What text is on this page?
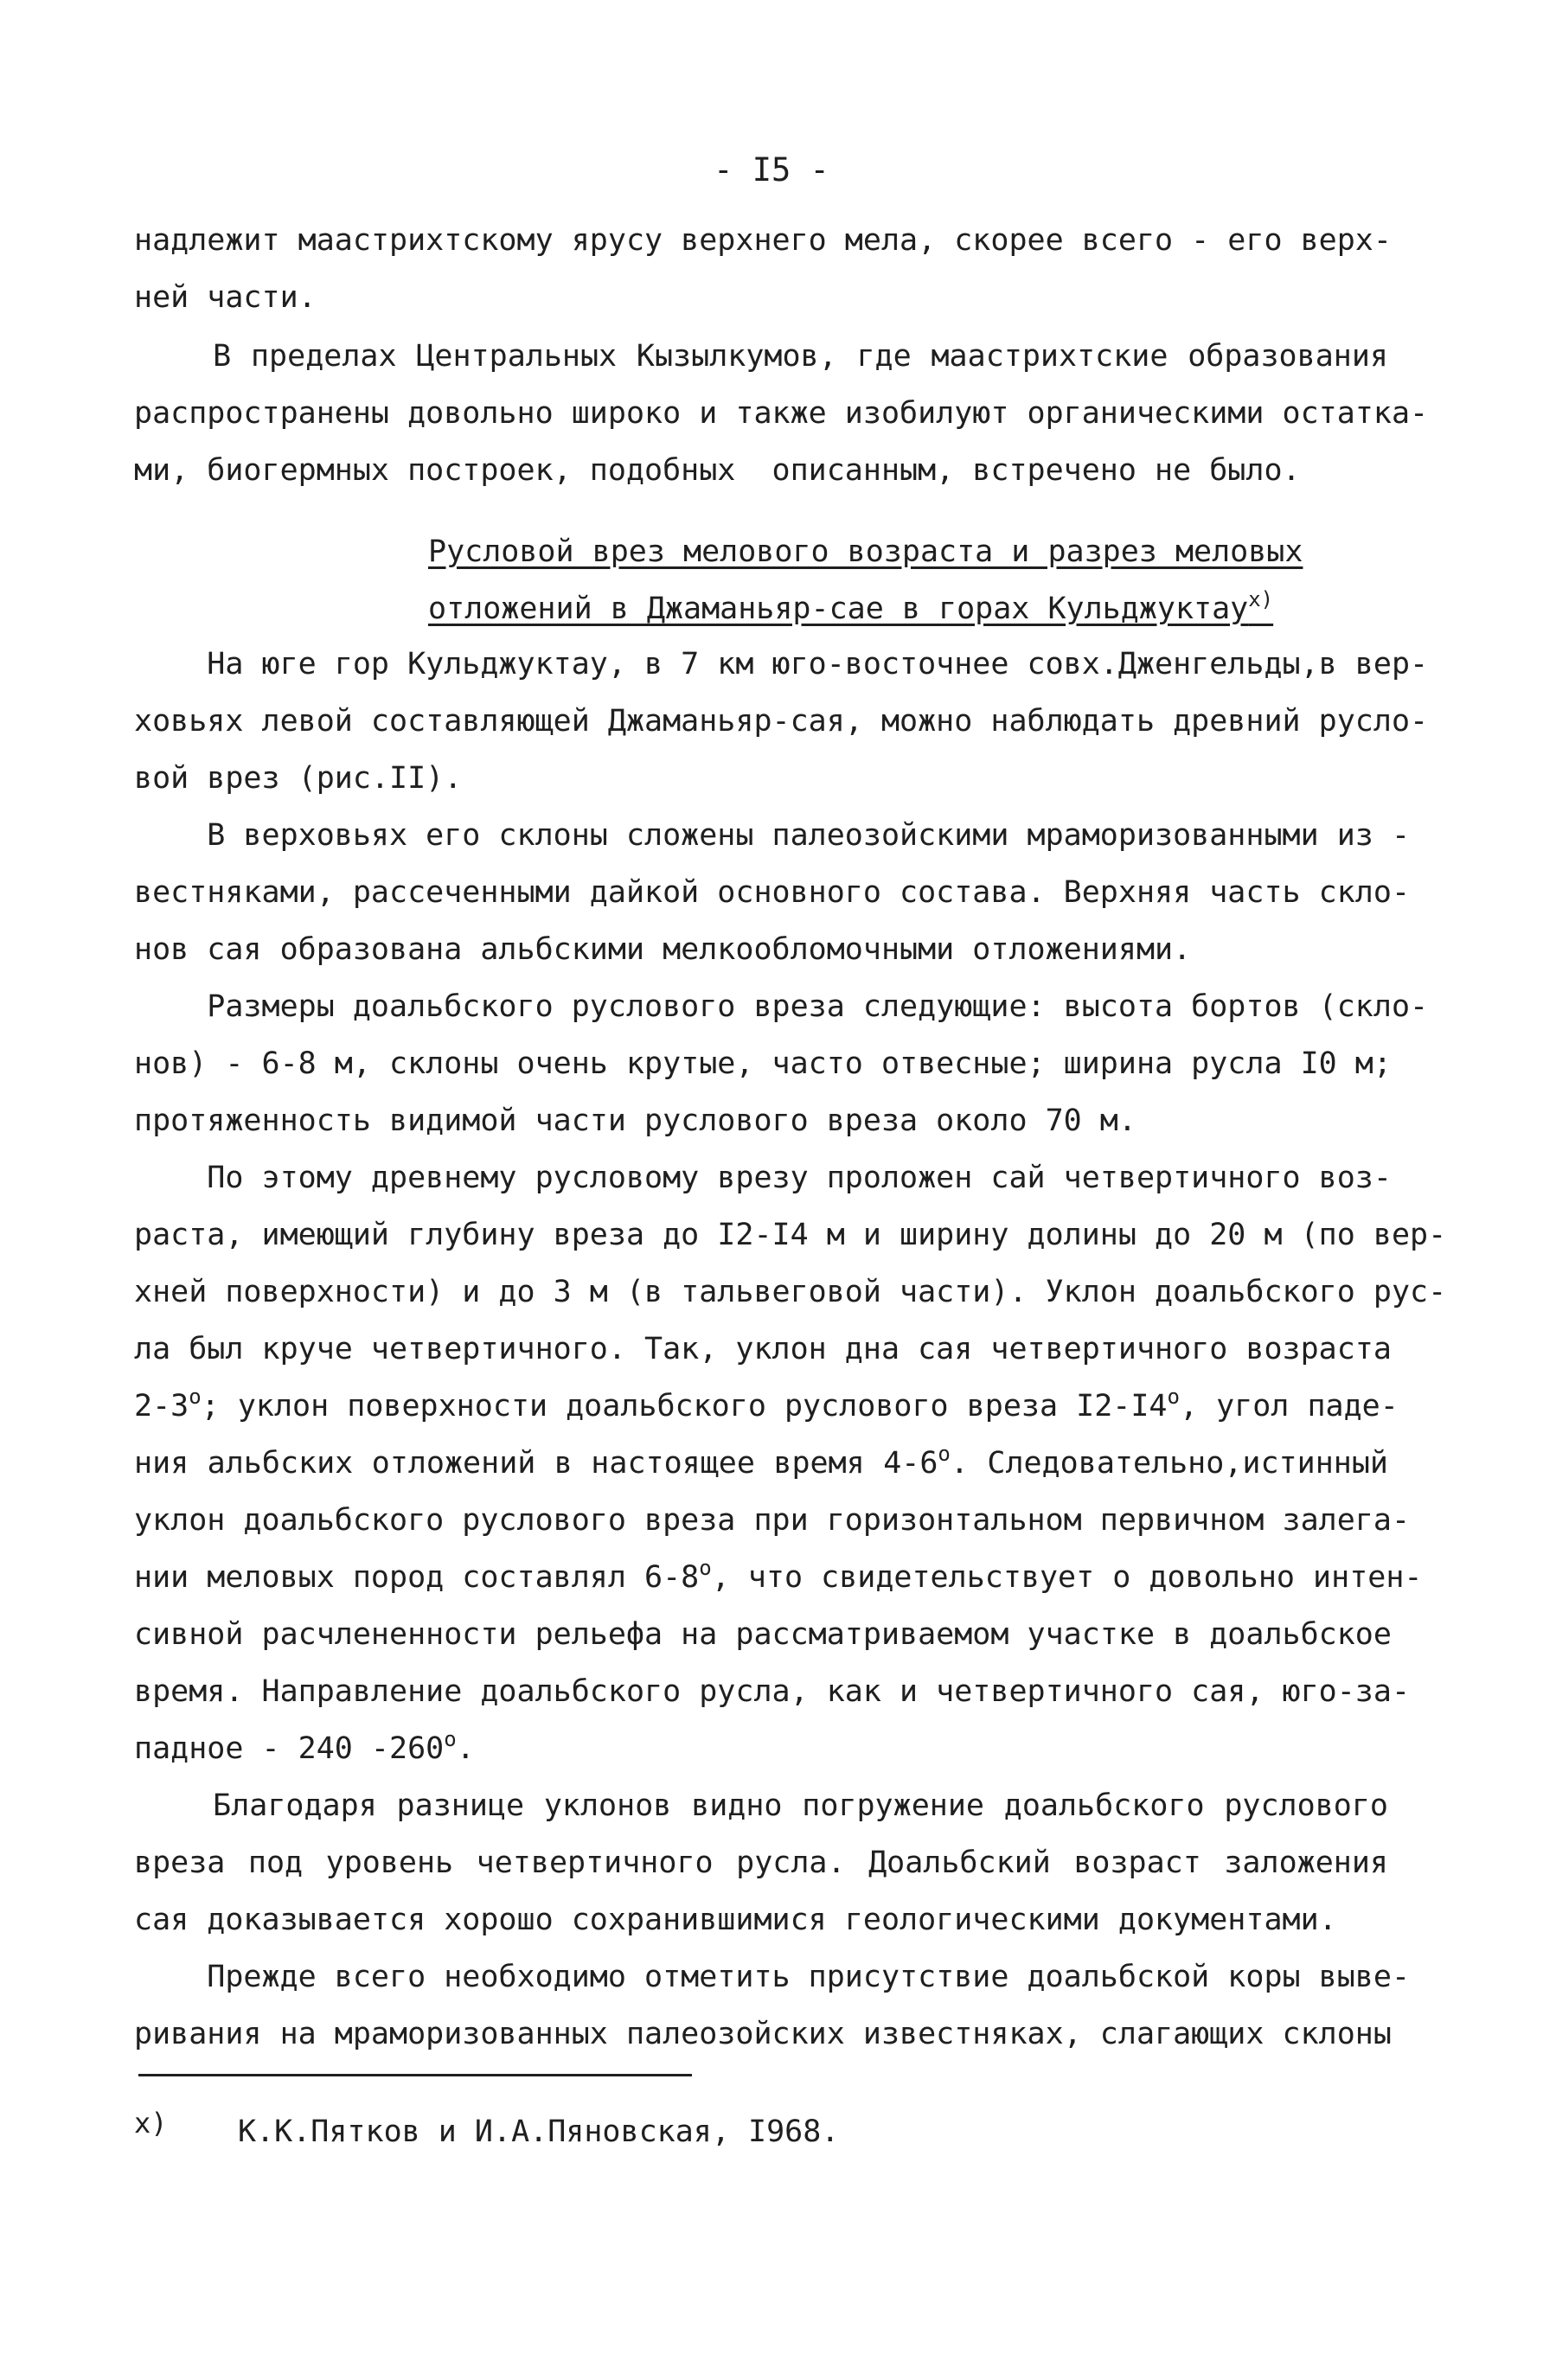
- I5 -
надлежит маастрихтскому ярусу верхнего мела, скорее всего - его верх-
ней части.
В пределах Центральных Кызылкумов, где маастрихтские образования
распространены довольно широко и также изобилуют органическими остатка-
ми, биогермных построек, подобных  описанным, встречено не было.
Русловой врез мелового возраста и разрез меловых
отложений в Джаманьяр-сае в горах Кульджуктау$^{x)}$
На юге гор Кульджуктау, в 7 км юго-восточнее совх.Дженгельды,в вер-
ховьях левой составляющей Джаманьяр-сая, можно наблюдать древний руслo-
вой врез (рис.II).
В верховьях его склоны сложены палеозойскими мраморизованными из -
вестняками, рассеченными дайкой основного состава. Верхняя часть скло-
нов сая образована альбскими мелкообломочными отложениями.
Размеры доальбского руслового вреза следующие: высота бортов (скло-
нов) - 6-8 м, склоны очень крутые, часто отвесные; ширина русла I0 м;
протяженность видимой части руслового вреза около 70 м.
По этому древнему русловому врезу проложен сай четвертичного воз-
раста, имеющий глубину вреза до I2-I4 м и ширину долины до 20 м (по вер-
хней поверхности) и до 3 м (в тальвеговой части). Уклон доальбского рус-
ла был круче четвертичного. Так, уклон дна сая четвертичного возраста
2-3$^o$; уклон поверхности доальбского руслового вреза I2-I4$^o$, угол паде-
ния альбских отложений в настоящее время 4-6$^o$. Следовательно,истинный
уклон доальбского руслового вреза при горизонтальном первичном залега-
нии меловых пород составлял 6-8$^o$, что свидетельствует о довольно интен-
сивной расчлененности рельефа на рассматриваемом участке в доальбское
время. Направление доальбского русла, как и четвертичного сая, юго-за-
падное - 240 -260$^o$.
Благодаря разнице уклонов видно погружение доальбского руслового
вреза под уровень четвертичного русла. Доальбский возраст заложения
сая доказывается хорошо сохранившимися геологическими документами.
Прежде всего необходимо отметить присутствие доальбской коры выве-
ривания на мраморизованных палеозойских известняках, слагающих склоны
x) К.К.Пятков и И.А.Пяновская, I968.
